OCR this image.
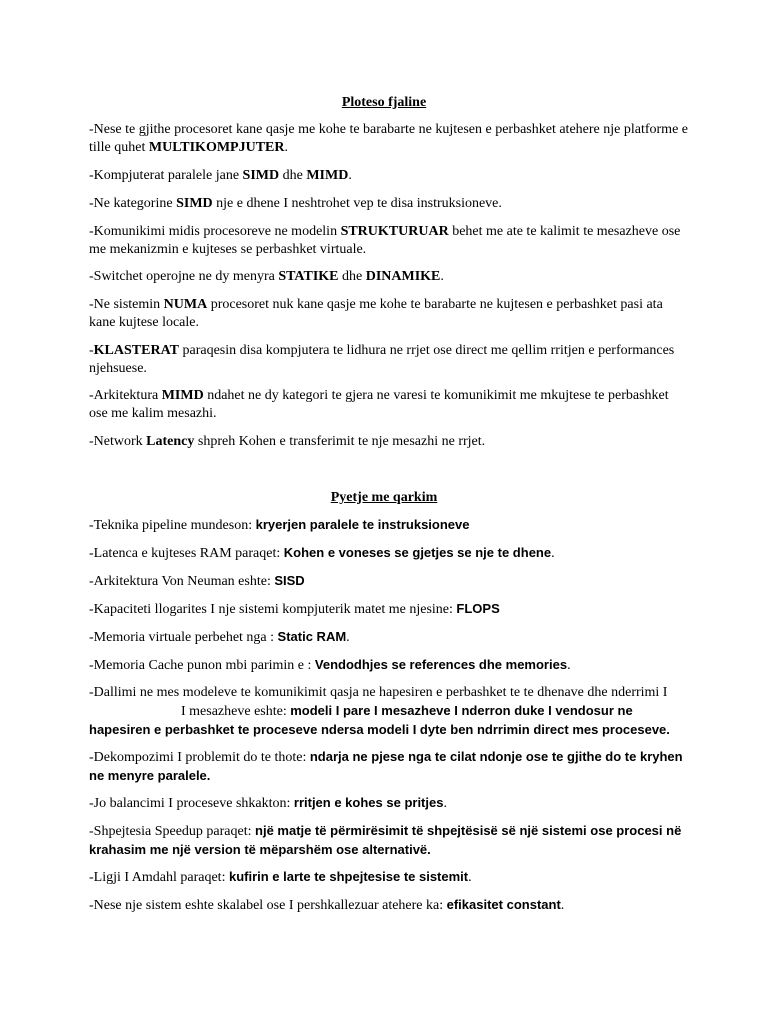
Ploteso fjaline
-Nese te gjithe procesoret kane qasje me kohe te barabarte ne kujtesen e perbashket atehere nje platforme e tille quhet MULTIKOMPJUTER.
-Kompjuterat paralele jane SIMD dhe MIMD.
-Ne kategorine SIMD nje e dhene I neshtrohet vep te disa instruksioneve.
-Komunikimi midis procesoreve ne modelin STRUKTURUAR behet me ate te kalimit te mesazheve ose me mekanizmin e kujteses se perbashket virtuale.
-Switchet operojne ne dy menyra STATIKE dhe DINAMIKE.
-Ne sistemin NUMA procesoret nuk kane qasje me kohe te barabarte ne kujtesen e perbashket pasi ata kane kujtese locale.
-KLASTERAT paraqesin disa kompjutera te lidhura ne rrjet ose direct me qellim rritjen e performances njehsuese.
-Arkitektura MIMD ndahet ne dy kategori te gjera ne varesi te komunikimit me mkujtese te perbashket ose me kalim mesazhi.
-Network Latency shpreh Kohen e transferimit te nje mesazhi ne rrjet.
Pyetje me qarkim
-Teknika pipeline mundeson: kryerjen paralele te instruksioneve
-Latenca e kujteses RAM paraqet: Kohen e voneses se gjetjes se nje te dhene.
-Arkitektura Von Neuman eshte: SISD
-Kapaciteti llogarites I nje sistemi kompjuterik matet me njesine: FLOPS
-Memoria virtuale perbehet nga : Static RAM.
-Memoria Cache punon mbi parimin e : Vendodhjes se references dhe memories.
-Dallimi ne mes modeleve te komunikimit qasja ne hapesiren e perbashket te te dhenave dhe nderrimi I
I mesazheve eshte: modeli I pare I mesazheve I nderron duke I vendosur ne hapesiren e perbashket te proceseve ndersa modeli I dyte ben ndrrimin direct mes proceseve.
-Dekompozimi I problemit do te thote: ndarja ne pjese nga te cilat ndonje ose te gjithe do te kryhen ne menyre paralele.
-Jo balancimi I proceseve shkakton: rritjen e kohes se pritjes.
-Shpejtesia Speedup paraqet: një matje të përmirësimit të shpejtësisë së një sistemi ose procesi në krahasim me një version të mëparshëm ose alternativë.
-Ligji I Amdahl paraqet: kufirin e larte te shpejtesise te sistemit.
-Nese nje sistem eshte skalabel ose I pershkallezuar atehere ka: efikasitet constant.
